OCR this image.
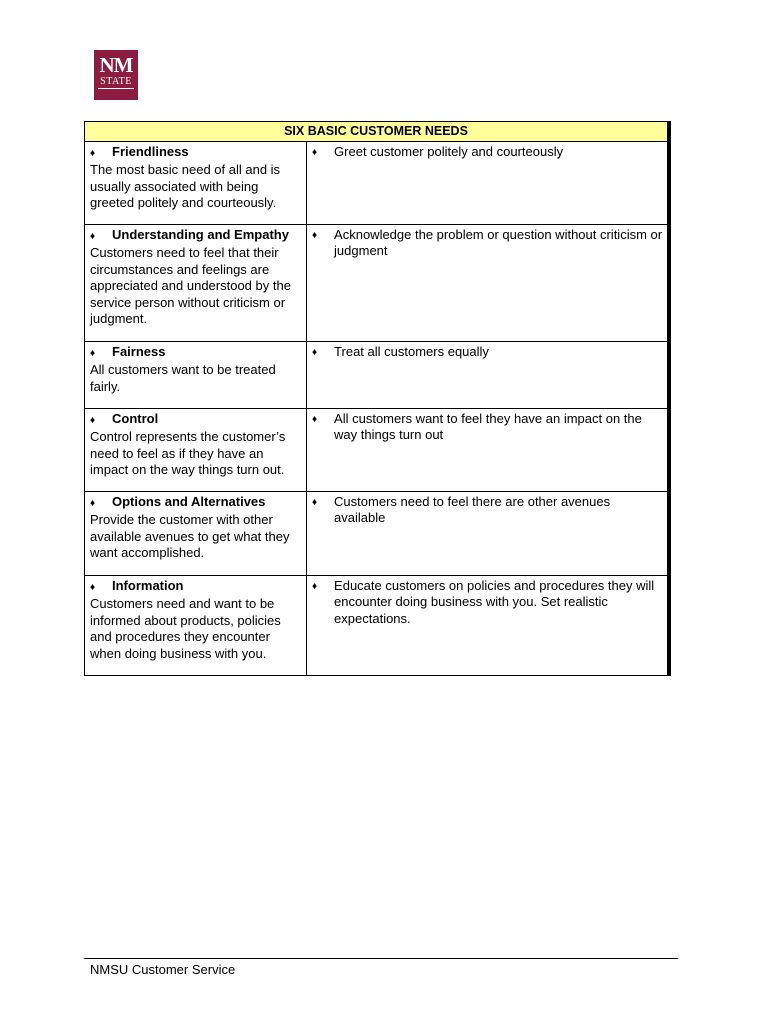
NM
STATE
SIX BASIC CUSTOMER NEEDS	

♦ Friendliness
The most basic need of all and is usually associated with being greeted politely and courteously.	♦ Greet customer politely and courteously

♦ Understanding and Empathy
Customers need to feel that their circumstances and feelings are appreciated and understood by the service person without criticism or judgment.	♦ Acknowledge the problem or question without criticism or judgment

♦ Fairness
All customers want to be treated fairly.	♦ Treat all customers equally

♦ Control
Control represents the customer’s need to feel as if they have an impact on the way things turn out.	♦ All customers want to feel they have an impact on the way things turn out

♦ Options and Alternatives
Provide the customer with other available avenues to get what they want accomplished.	♦ Customers need to feel there are other avenues available

♦ Information
Customers need and want to be informed about products, policies and procedures they encounter when doing business with you.	♦ Educate customers on policies and procedures they will encounter doing business with you. Set realistic expectations.
NMSU Customer Service
